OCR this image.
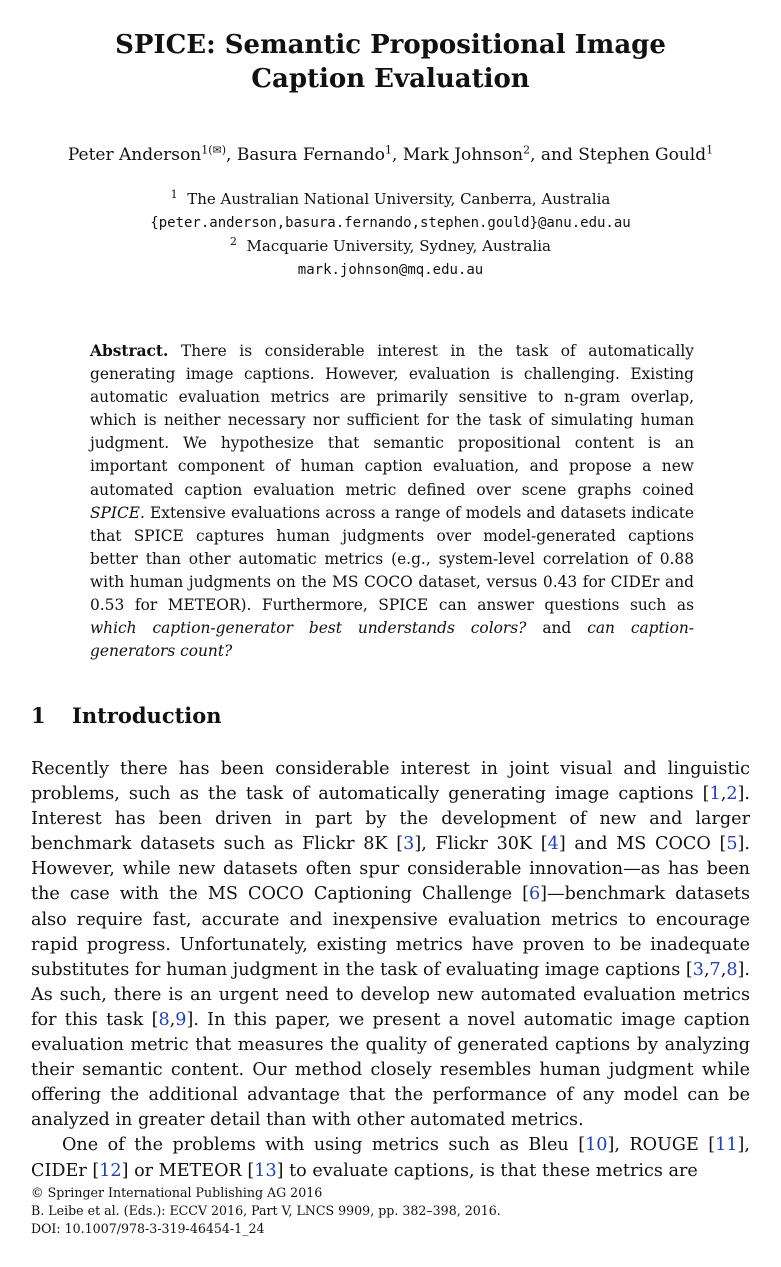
SPICE: Semantic Propositional Image
Caption Evaluation
Peter Anderson$^{1(✉)}$, Basura Fernando$^1$, Mark Johnson$^2$, and Stephen Gould$^1$
$^1$ The Australian National University, Canberra, Australia
{peter.anderson,basura.fernando,stephen.gould}@anu.edu.au
$^2$ Macquarie University, Sydney, Australia
mark.johnson@mq.edu.au
Abstract. There is considerable interest in the task of automatically generating image captions. However, evaluation is challenging. Existing automatic evaluation metrics are primarily sensitive to n-gram overlap, which is neither necessary nor sufficient for the task of simulating human judgment. We hypothesize that semantic propositional content is an important component of human caption evaluation, and propose a new automated caption evaluation metric defined over scene graphs coined SPICE. Extensive evaluations across a range of models and datasets indicate that SPICE captures human judgments over model-generated captions better than other automatic metrics (e.g., system-level correlation of 0.88 with human judgments on the MS COCO dataset, versus 0.43 for CIDEr and 0.53 for METEOR). Furthermore, SPICE can answer questions such as which caption-generator best understands colors? and can caption-generators count?
1 Introduction

Recently there has been considerable interest in joint visual and linguistic problems, such as the task of automatically generating image captions [1,2]. Interest has been driven in part by the development of new and larger benchmark datasets such as Flickr 8K [3], Flickr 30K [4] and MS COCO [5]. However, while new datasets often spur considerable innovation—as has been the case with the MS COCO Captioning Challenge [6]—benchmark datasets also require fast, accurate and inexpensive evaluation metrics to encourage rapid progress. Unfortunately, existing metrics have proven to be inadequate substitutes for human judgment in the task of evaluating image captions [3,7,8]. As such, there is an urgent need to develop new automated evaluation metrics for this task [8,9]. In this paper, we present a novel automatic image caption evaluation metric that measures the quality of generated captions by analyzing their semantic content. Our method closely resembles human judgment while offering the additional advantage that the performance of any model can be analyzed in greater detail than with other automated metrics.

One of the problems with using metrics such as Bleu [10], ROUGE [11], CIDEr [12] or METEOR [13] to evaluate captions, is that these metrics are

© Springer International Publishing AG 2016
B. Leibe et al. (Eds.): ECCV 2016, Part V, LNCS 9909, pp. 382–398, 2016.
DOI: 10.1007/978-3-319-46454-1_24
